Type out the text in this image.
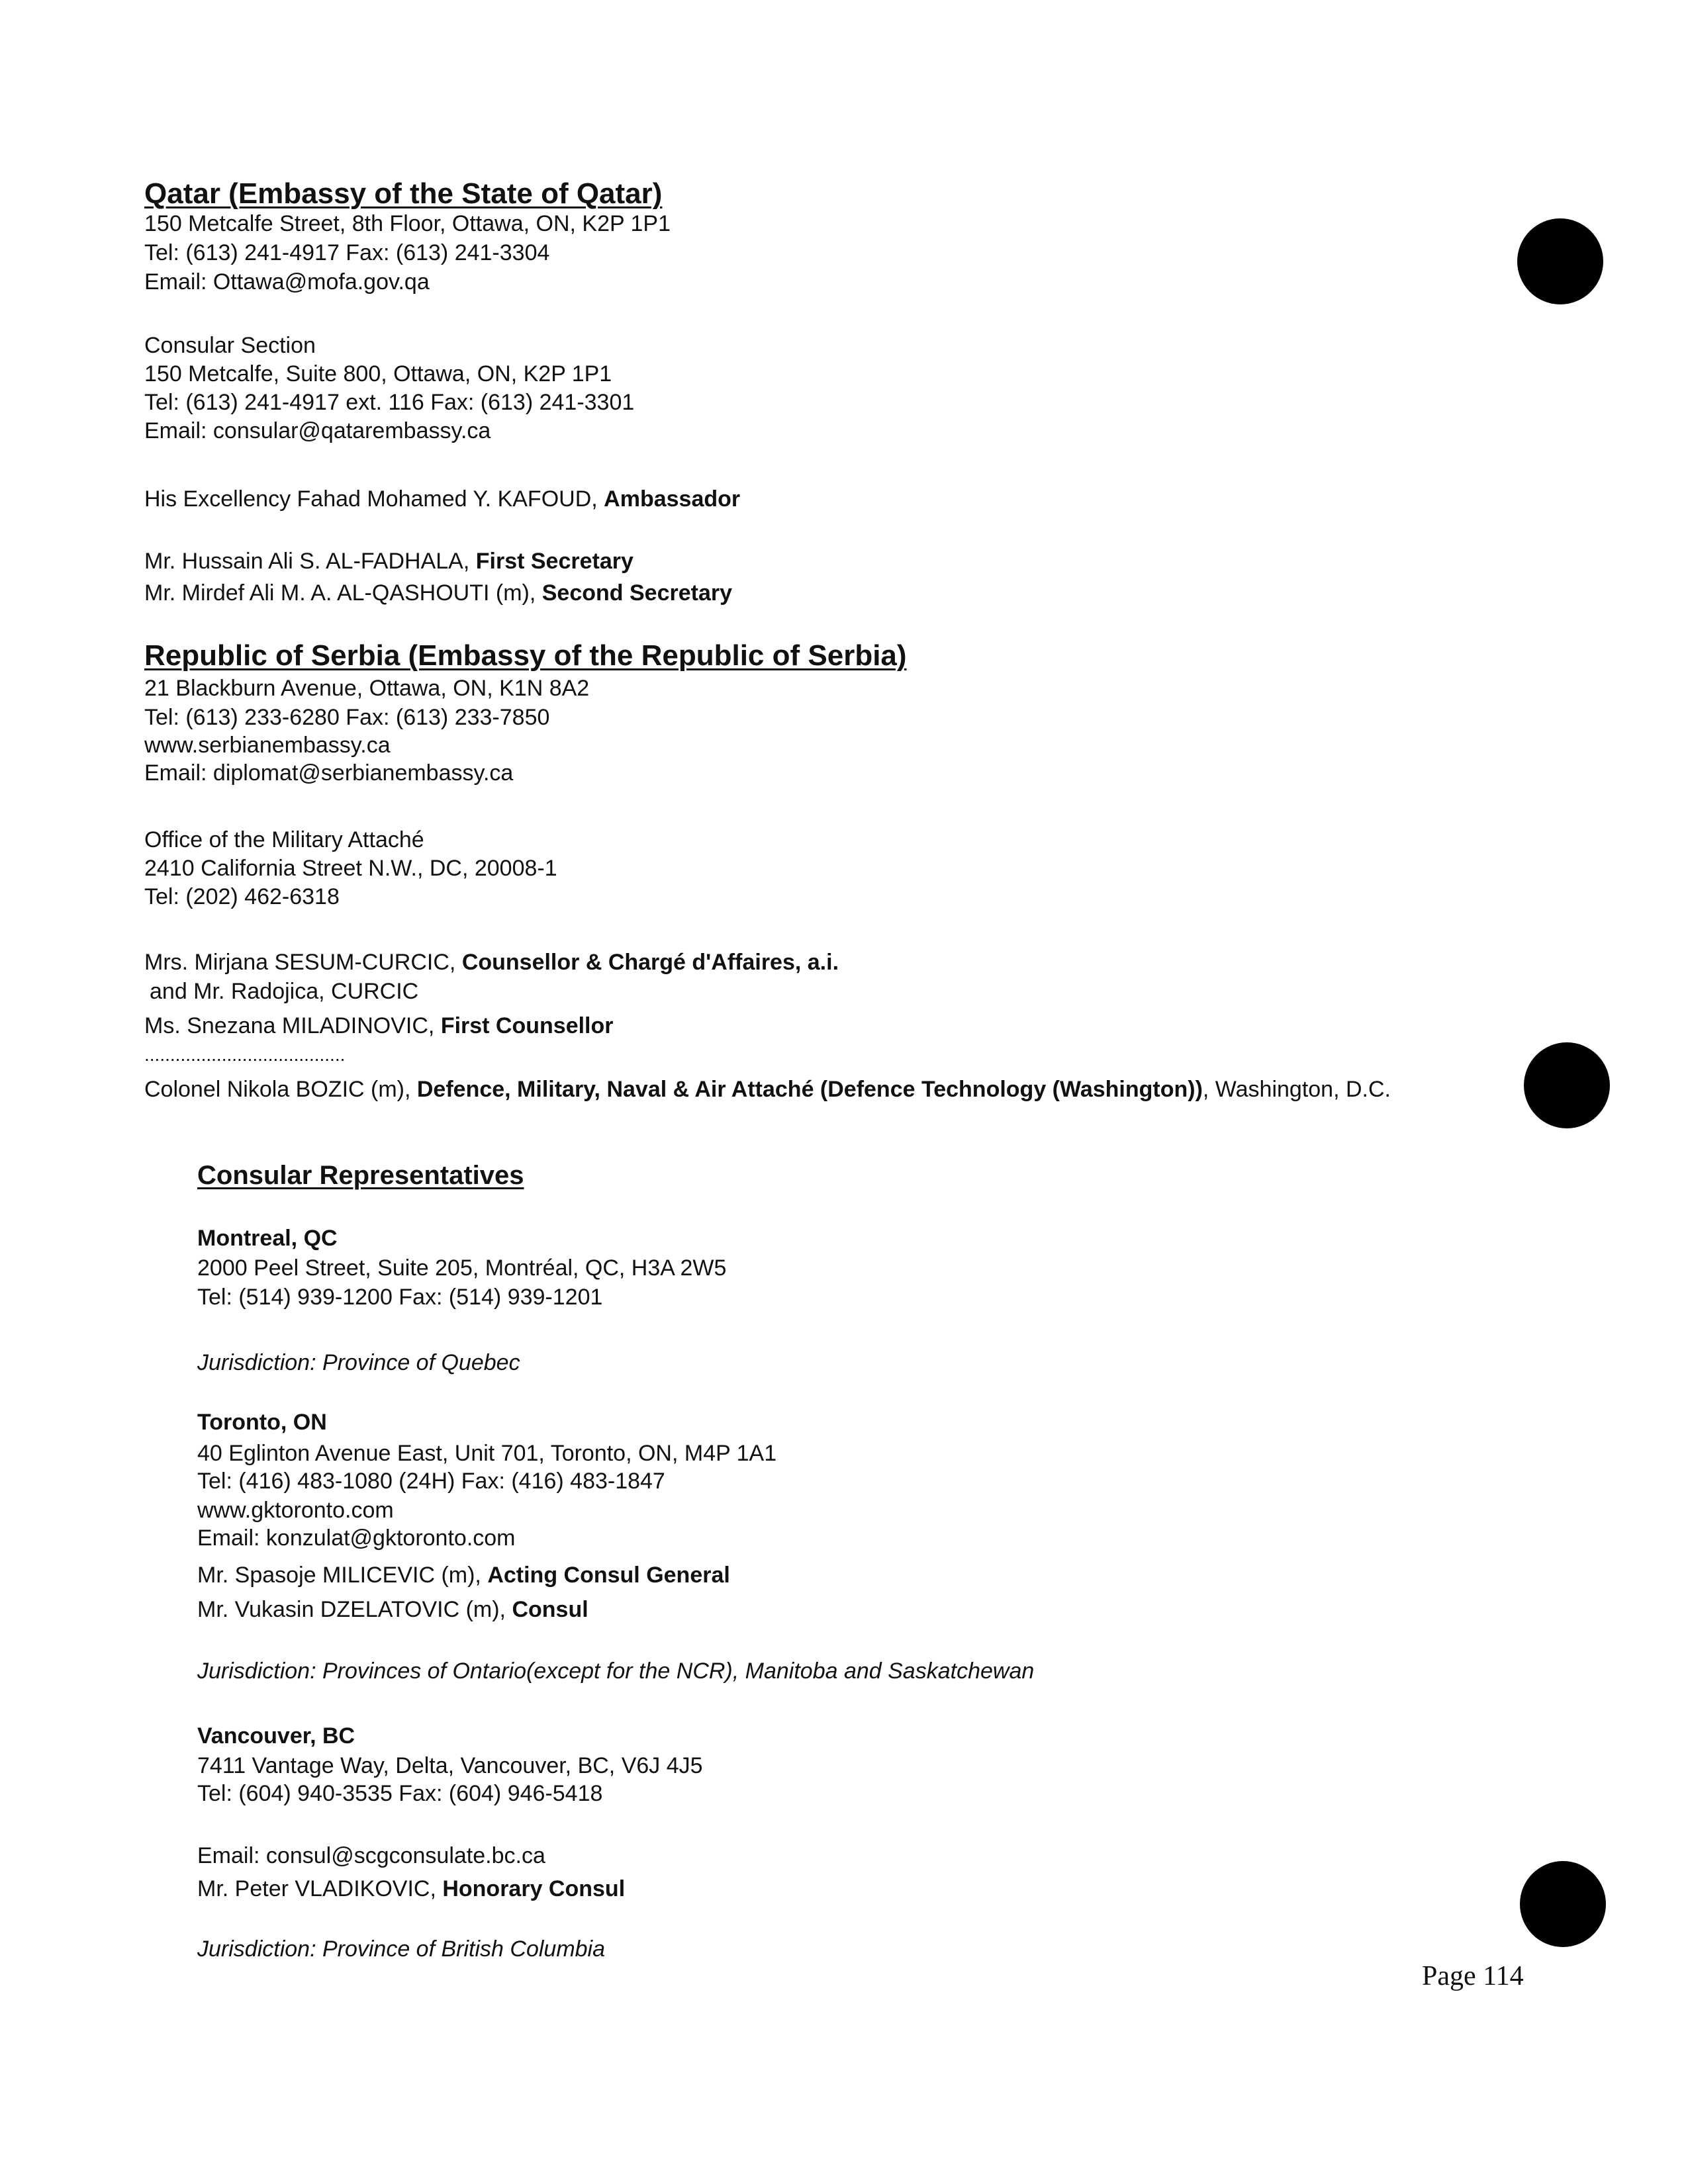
Qatar (Embassy of the State of Qatar)
150 Metcalfe Street, 8th Floor, Ottawa, ON, K2P 1P1
Tel: (613) 241-4917 Fax: (613) 241-3304
Email: Ottawa@mofa.gov.qa
Consular Section
150 Metcalfe, Suite 800, Ottawa, ON, K2P 1P1
Tel: (613) 241-4917 ext. 116 Fax: (613) 241-3301
Email: consular@qatarembassy.ca
His Excellency Fahad Mohamed Y. KAFOUD, Ambassador
Mr. Hussain Ali S. AL-FADHALA, First Secretary
Mr. Mirdef Ali M. A. AL-QASHOUTI (m), Second Secretary
Republic of Serbia (Embassy of the Republic of Serbia)
21 Blackburn Avenue, Ottawa, ON, K1N 8A2
Tel: (613) 233-6280 Fax: (613) 233-7850
www.serbianembassy.ca
Email: diplomat@serbianembassy.ca
Office of the Military Attaché
2410 California Street N.W., DC, 20008-1
Tel: (202) 462-6318
Mrs. Mirjana SESUM-CURCIC, Counsellor & Chargé d'Affaires, a.i.
and Mr. Radojica, CURCIC
Ms. Snezana MILADINOVIC, First Counsellor
.......................................
Colonel Nikola BOZIC (m), Defence, Military, Naval & Air Attaché (Defence Technology (Washington)), Washington, D.C.
Consular Representatives
Montreal, QC
2000 Peel Street, Suite 205, Montréal, QC, H3A 2W5
Tel: (514) 939-1200 Fax: (514) 939-1201
Jurisdiction: Province of Quebec
Toronto, ON
40 Eglinton Avenue East, Unit 701, Toronto, ON, M4P 1A1
Tel: (416) 483-1080 (24H) Fax: (416) 483-1847
www.gktoronto.com
Email: konzulat@gktoronto.com
Mr. Spasoje MILICEVIC (m), Acting Consul General
Mr. Vukasin DZELATOVIC (m), Consul
Jurisdiction: Provinces of Ontario(except for the NCR), Manitoba and Saskatchewan
Vancouver, BC
7411 Vantage Way, Delta, Vancouver, BC, V6J 4J5
Tel: (604) 940-3535 Fax: (604) 946-5418
Email: consul@scgconsulate.bc.ca
Mr. Peter VLADIKOVIC, Honorary Consul
Jurisdiction: Province of British Columbia
Page 114
